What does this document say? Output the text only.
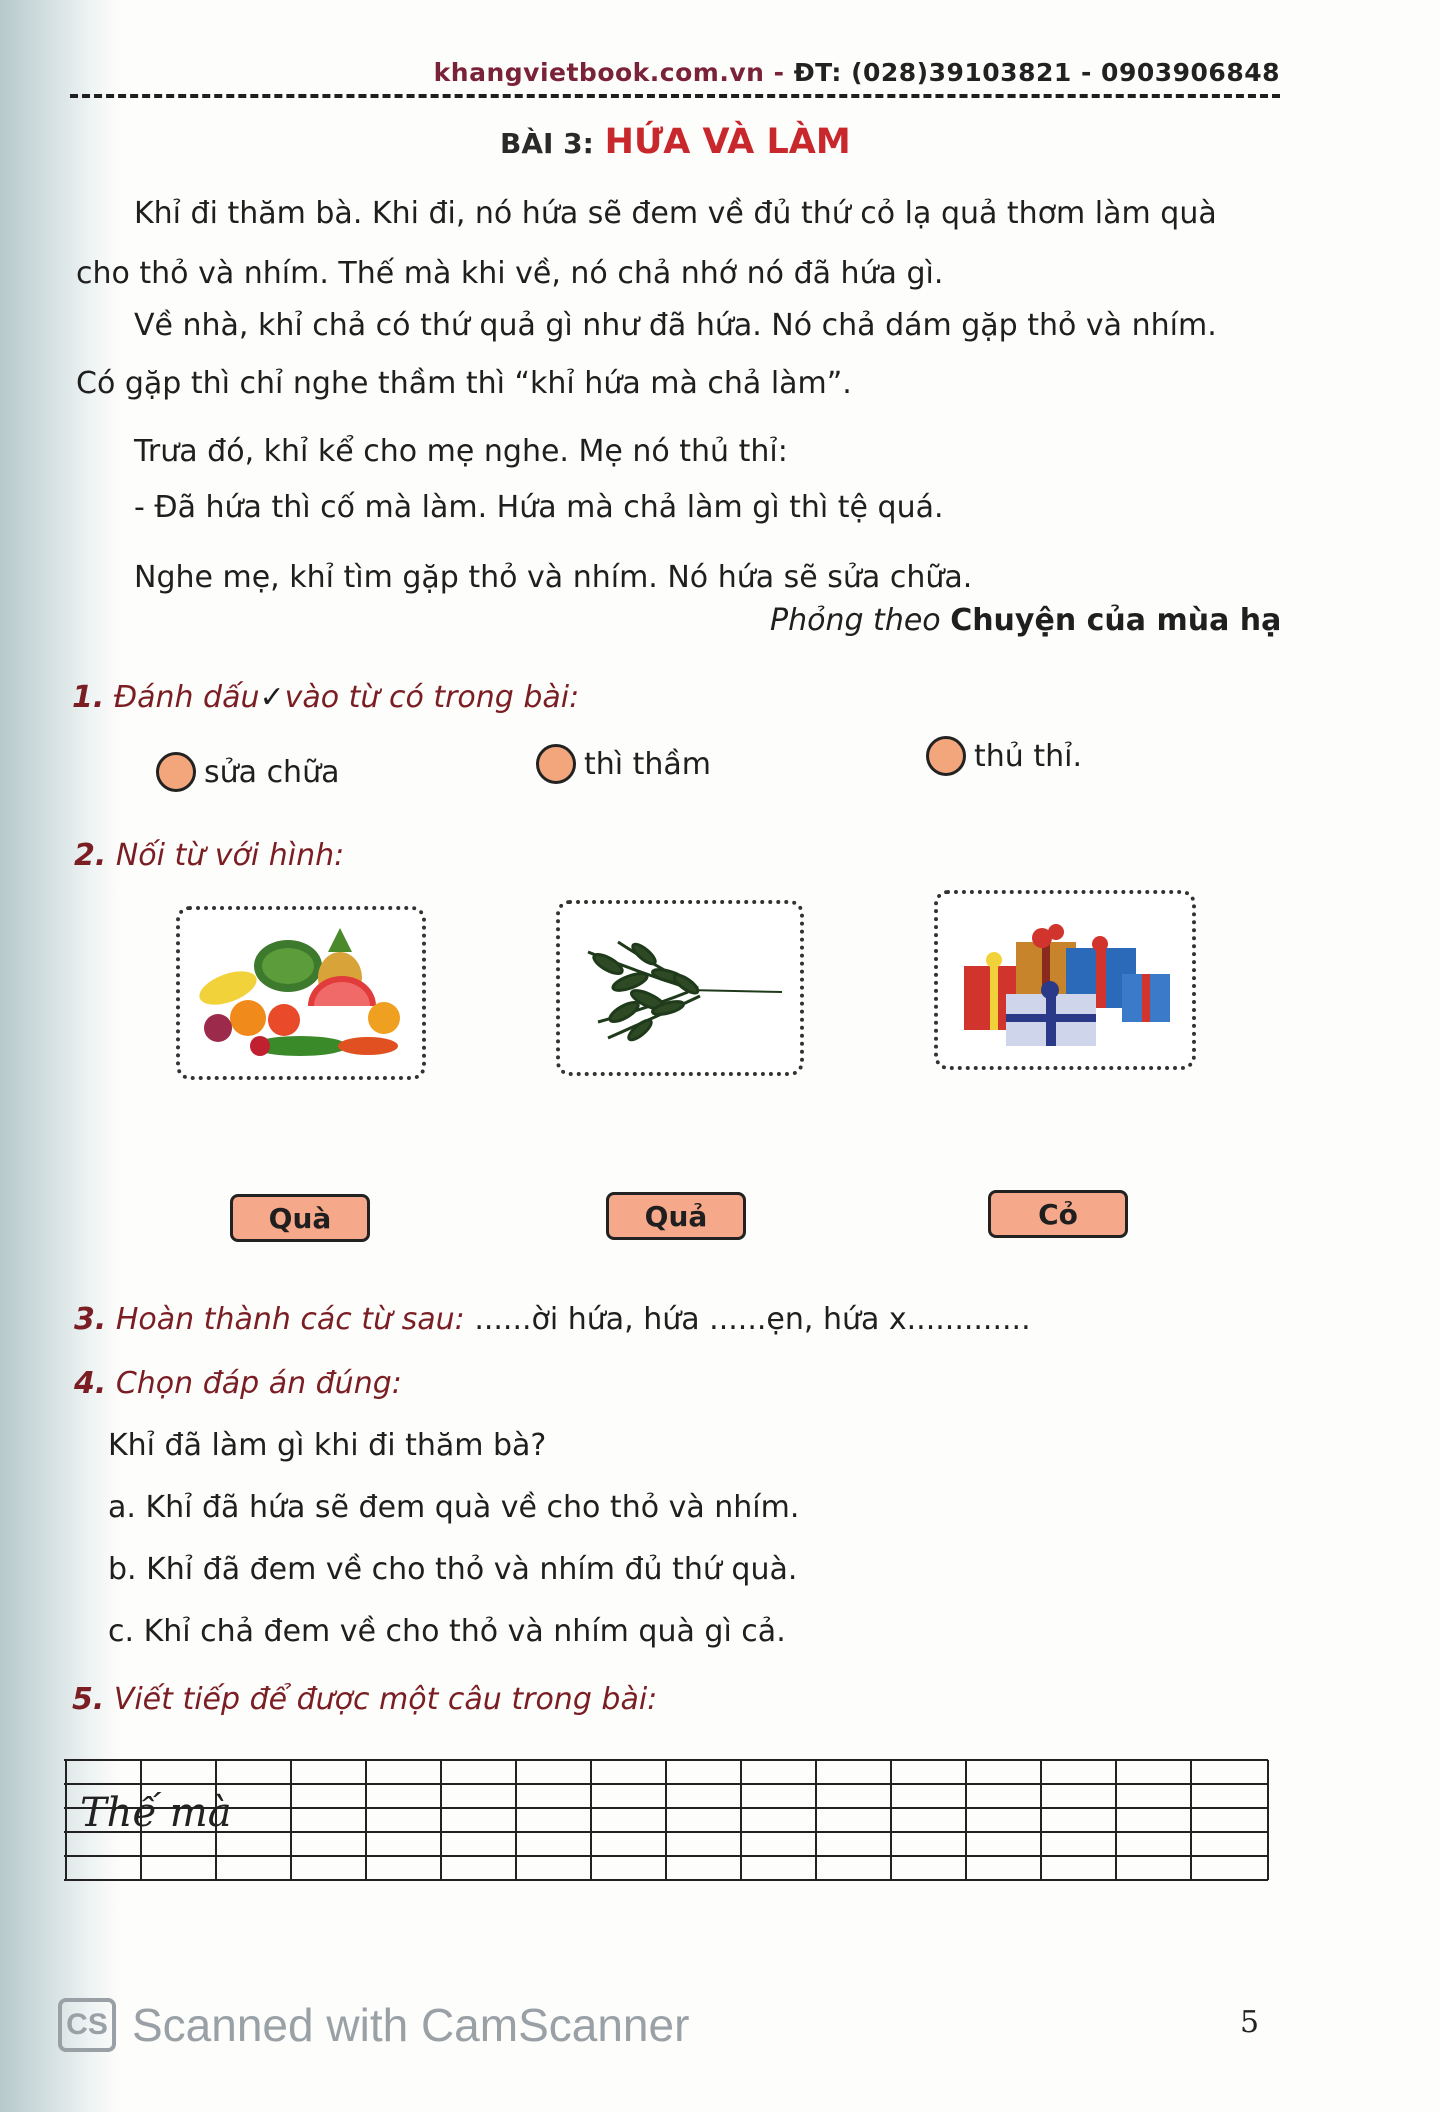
khangvietbook.com.vn - ĐT: (028)39103821 - 0903906848
BÀI 3: HỨA VÀ LÀM
Khỉ đi thăm bà. Khi đi, nó hứa sẽ đem về đủ thứ cỏ lạ quả thơm làm quà
cho thỏ và nhím. Thế mà khi về, nó chả nhớ nó đã hứa gì.
Về nhà, khỉ chả có thứ quả gì như đã hứa. Nó chả dám gặp thỏ và nhím.
Có gặp thì chỉ nghe thầm thì “khỉ hứa mà chả làm”.
Trưa đó, khỉ kể cho mẹ nghe. Mẹ nó thủ thỉ:
- Đã hứa thì cố mà làm. Hứa mà chả làm gì thì tệ quá.
Nghe mẹ, khỉ tìm gặp thỏ và nhím. Nó hứa sẽ sửa chữa.
Phỏng theo Chuyện của mùa hạ
1. Đánh dấu✓vào từ có trong bài:
sửa chữa	thì thầm	thủ thỉ.
2. Nối từ với hình:
Quà	Quả	Cỏ
3. Hoàn thành các từ sau: ......ời hứa, hứa ......ẹn, hứa x.............
4. Chọn đáp án đúng:
Khỉ đã làm gì khi đi thăm bà?
a. Khỉ đã hứa sẽ đem quà về cho thỏ và nhím.
b. Khỉ đã đem về cho thỏ và nhím đủ thứ quà.
c. Khỉ chả đem về cho thỏ và nhím quà gì cả.
5. Viết tiếp để được một câu trong bài:
Thế mà
CS Scanned with CamScanner	5
